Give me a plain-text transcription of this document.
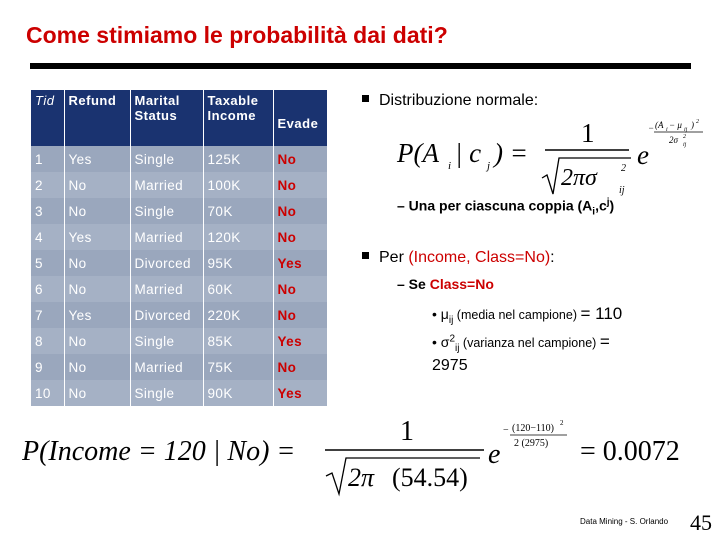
Come stimiamo le probabilità dai dati?
Tid	Refund	Marital Status	Taxable Income	Evade
1	Yes	Single	125K	No
2	No	Married	100K	No
3	No	Single	70K	No
4	Yes	Married	120K	No
5	No	Divorced	95K	Yes
6	No	Married	60K	No
7	Yes	Divorced	220K	No
8	No	Single	85K	Yes
9	No	Married	75K	No
10	No	Single	90K	Yes
Distribuzione normale:
P(A i | c j ) =
1
2πσ 2
ij
e
− (A i − μ ij ) 2
2σ ij
2
– Una per ciascuna coppia $(A_i,c^j)$
Per (Income, Class=No):
– Se Class=No
• $\mu_{ij}$ (media nel campione) = 110
• $\sigma^2_{ij}$ (varianza nel campione) =
2975
P(Income = 120 | No) =
1
2π (54.54)
e
− (120−110) 2
2 (2975) = 0.0072
Data Mining - S. Orlando 45
